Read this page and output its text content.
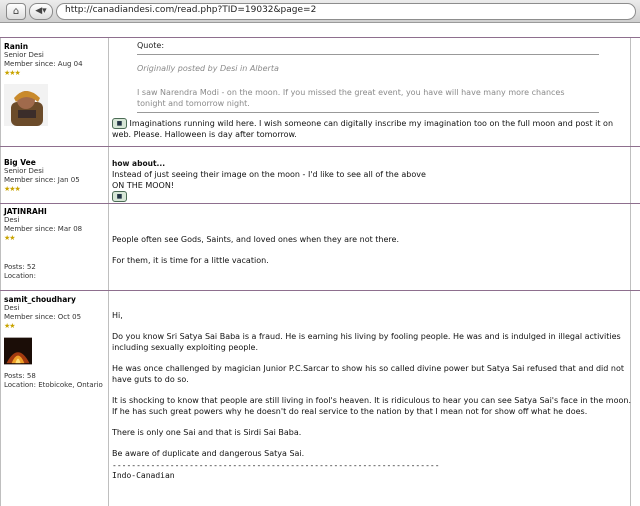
⌂	◀▾	http://canadiandesi.com/read.php?TID=19032&page=2
Ranin
Senior Desi
Member since: Aug 04
★★★
Quote:
Originally posted by Desi in Alberta
I saw Narendra Modi - on the moon. If you missed the great event, you have will have many more chances tonight and tomorrow night.
■ Imaginations running wild here. I wish someone can digitally inscribe my imagination too on the full moon and post it on web. Please. Halloween is day after tomorrow.
Big Vee
Senior Desi
Member since: Jan 05
★★★
how about...
Instead of just seeing their image on the moon - I'd like to see all of the above
ON THE MOON!
■
JATINRAHI
Desi
Member since: Mar 08
★★
Posts: 52
Location:

People often see Gods, Saints, and loved ones when they are not there.

For them, it is time for a little vacation.

samit_choudhary
Desi
Member since: Oct 05
★★
Posts: 58
Location: Etobicoke, Ontario

Hi,

Do you know Sri Satya Sai Baba is a fraud. He is earning his living by fooling people. He was and is indulged in illegal activities including sexually exploiting people.

He was once challenged by magician Junior P.C.Sarcar to show his so called divine power but Satya Sai refused that and did not have guts to do so.

It is shocking to know that people are still living in fool's heaven. It is ridiculous to hear you can see Satya Sai's face in the moon. If he has such great powers why he doesn't do real service to the nation by that I mean not for show off what he does.

There is only one Sai and that is Sirdi Sai Baba.

Be aware of duplicate and dangerous Satya Sai.

--------------------------------------------------------------------
Indo-Canadian
